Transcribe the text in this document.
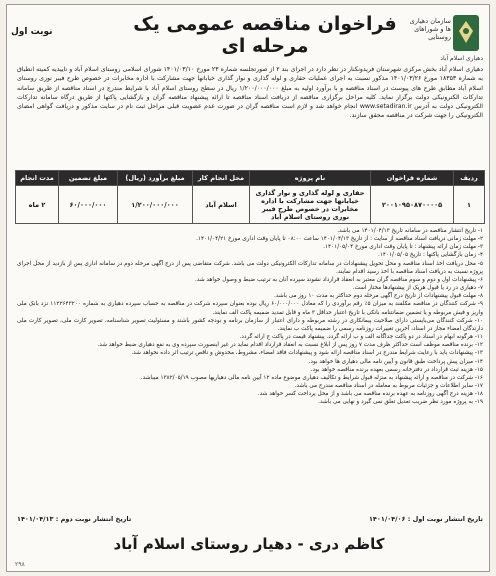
نوبت اول	فراخوان مناقصه عمومی یک مرحله ای
سازمان دهیاری ها و شوراهای روستایی
دهیاری اسلام آباد
دهیاری اسلام آباد بخش مرکزی شهرستان فریدونکنار در نظر دارد در اجرای بند ۲ از صورتجلسه شماره ۲۳ مورخ ۱۴۰۱/۰۳/۱۰ شورای اسلامی روستای اسلام آباد و تاییدیه کمیته انطباق به شماره ۱۸۳۵۳ مورخ ۱۴۰۱/۰۳/۲۶ مذکور نسبت به اجرای عملیات حفاری و لوله گذاری و نوار گذاری خیابانها جهت مشارکت با اداره مخابرات در خصوص طرح فیبر نوری روستای اسلام آباد مطابق طرح های پیوست در اسناد مناقصه و با برآورد اولیه به مبلغ ۱/۲۰۰/۰۰۰/۰۰۰ ریال در سطح روستای اسلام آباد با شرایط مندرج در اسناد مناقصه از طریق سامانه تدارکات الکترونیکی دولت برگزار نماید. کلیه مراحل برگزاری مناقصه از دریافت اسناد مناقصه تا ارائه پیشنهاد مناقصه گران و بازگشایی پاکتها از طریق درگاه سامانه تدارکات الکترونیکی دولت به آدرس www.setadiran.ir انجام خواهد شد و لازم است مناقصه گران در صورت عدم عضویت قبلی مراحل ثبت نام در سایت مذکور و دریافت گواهی امضای الکترونیکی را جهت شرکت در مناقصه محقق سازند.
ردیف	شماره فراخوان	نام پروژه	محل انجام کار	مبلغ برآورد (ریال)	مبلغ تضمین	مدت انجام
۱	۲۰۰۱۰۹۵۰۸۷۰۰۰۰۵	حفاری و لوله گذاری و نوار گذاری خیابانها جهت مشارکت با اداره مخابرات در خصوص طرح فیبر نوری روستای اسلام آباد	اسلام آباد	۱/۲۰۰/۰۰۰/۰۰۰	۶۰/۰۰۰/۰۰۰	۲ ماه
۱- تاریخ انتشار مناقصه در سامانه تاریخ ۱۴۰۱/۰۴/۱۳ می باشد.
۲- مهلت زمانی دریافت اسناد مناقصه از سایت : از تاریخ ۱۴۰۱/۰۴/۱۳ ساعت ۰۸:۰۰ تا پایان وقت اداری مورخ ۱۴۰۱/۰۴/۲۱.
۳- مهلت زمان ارائه پیشنهاد : تا پایان وقت اداری مورخ ۱۴۰۱/۰۵/۰۴.
۴- زمان بازگشایی پاکتها : تاریخ ۱۴۰۱/۰۵/۰۵.
۵- محل دریافت اخذ اسناد مناقصه و محل تحویل پیشنهادات در سامانه تدارکات الکترونیکی دولت می باشد. شرکت متقاضی پس از درج آگهی مرحله دوم در سامانه اداری پس از بازدید از محل اجرای پروژه نسبت به دریافت اسناد مناقصه با اخذ رسید اقدام نمایند.
۶- پیشنهادات اول و دوم و سوم مناقصه گران معتبر به انعقاد قرارداد نشوند سپرده آنان به ترتیب ضبط و وصول خواهد شد.
۷- دهیاری در رد یا قبول هریک از پیشنهادها مختار است.
۸- مهلت قبول پیشنهادات از تاریخ درج آگهی مرحله دوم حداکثر به مدت ۱۰ روز می باشد.
۹- شرکت کنندگان در مناقصه مکلفند به میزان ۵٪ رقم برآوردی را که معادل ۶۰/۰۰۰/۰۰۰ ریال بوده بعنوان سپرده شرکت در مناقصه به حساب سپرده دهیاری به شماره ۱۱۲۲۶۴۳۲۰۰ نزد بانک ملی واریز و فیش مربوطه و یا تضمین ضمانتنامه بانکی با تاریخ اعتبار حداقل ۳ ماه و قابل تمدید ضمیمه پاکت الف نمایند.
۱۰- شرکت کنندگان می‌بایستی دارای صلاحیت پیمانکاری در رشته مربوطه و دارای اعتبار از سازمان برنامه و بودجه کشور باشند و مسئولیت تصویر شناسنامه، تصویر کارت ملی، تصویر کارت ملی دارندگان امضاء مجاز در اسناد، آخرین تغییرات روزنامه رسمی را ضمیمه پاکت ب نمایند.
۱۱- هرگونه ابهام در اسناد در دو پاکت جداگانه الف و ب ارائه گردد. پیشنهاد قیمت در پاکت ج ارائه گردد.
۱۲- برنده مناقصه موظف است حداکثر ظرف مدت ۷ روز پس از ابلاغ نسبت به انعقاد قرارداد اقدام نماید در غیر اینصورت سپرده وی به نفع دهیاری ضبط خواهد شد.
۱۳- پیشنهادات باید با رعایت شرایط مندرج در اسناد مناقصه ارائه شود و پیشنهادات فاقد امضاء، مشروط، مخدوش و ناقص ترتیب اثر داده نخواهد شد.
۱۴- میزان پیش پرداخت طبق قانون و آیین نامه مالی دهیاری ها خواهد بود.
۱۵- هزینه ثبت قرارداد در دفترخانه رسمی بعهده برنده مناقصه خواهد بود.
۱۶- شرکت در مناقصه و ارائه پیشنهاد به منزله قبول شرایط و تکالیف دهیاری موضوع ماده ۱۲ آیین نامه مالی دهیاریها مصوب ۱۳۸۲/۰۵/۱۹ میباشد.
۱۷- سایر اطلاعات و جزئیات مربوط به معامله در اسناد مناقصه مندرج می باشد.
۱۸- هزینه درج آگهی روزنامه به عهده برنده مناقصه می باشد و از محل پرداخت کسر خواهد شد.
۱۹- به پروژه مورد نظر ضریب تعدیل تعلق نمی گیرد و نهایی می باشد.
تاریخ انتشار نوبت اول : ۱۴۰۱/۰۴/۰۶
تاریخ انتشار نوبت دوم : ۱۴۰۱/۰۴/۱۳
کاظم دری - دهیار روستای اسلام آباد
۲۹۸
